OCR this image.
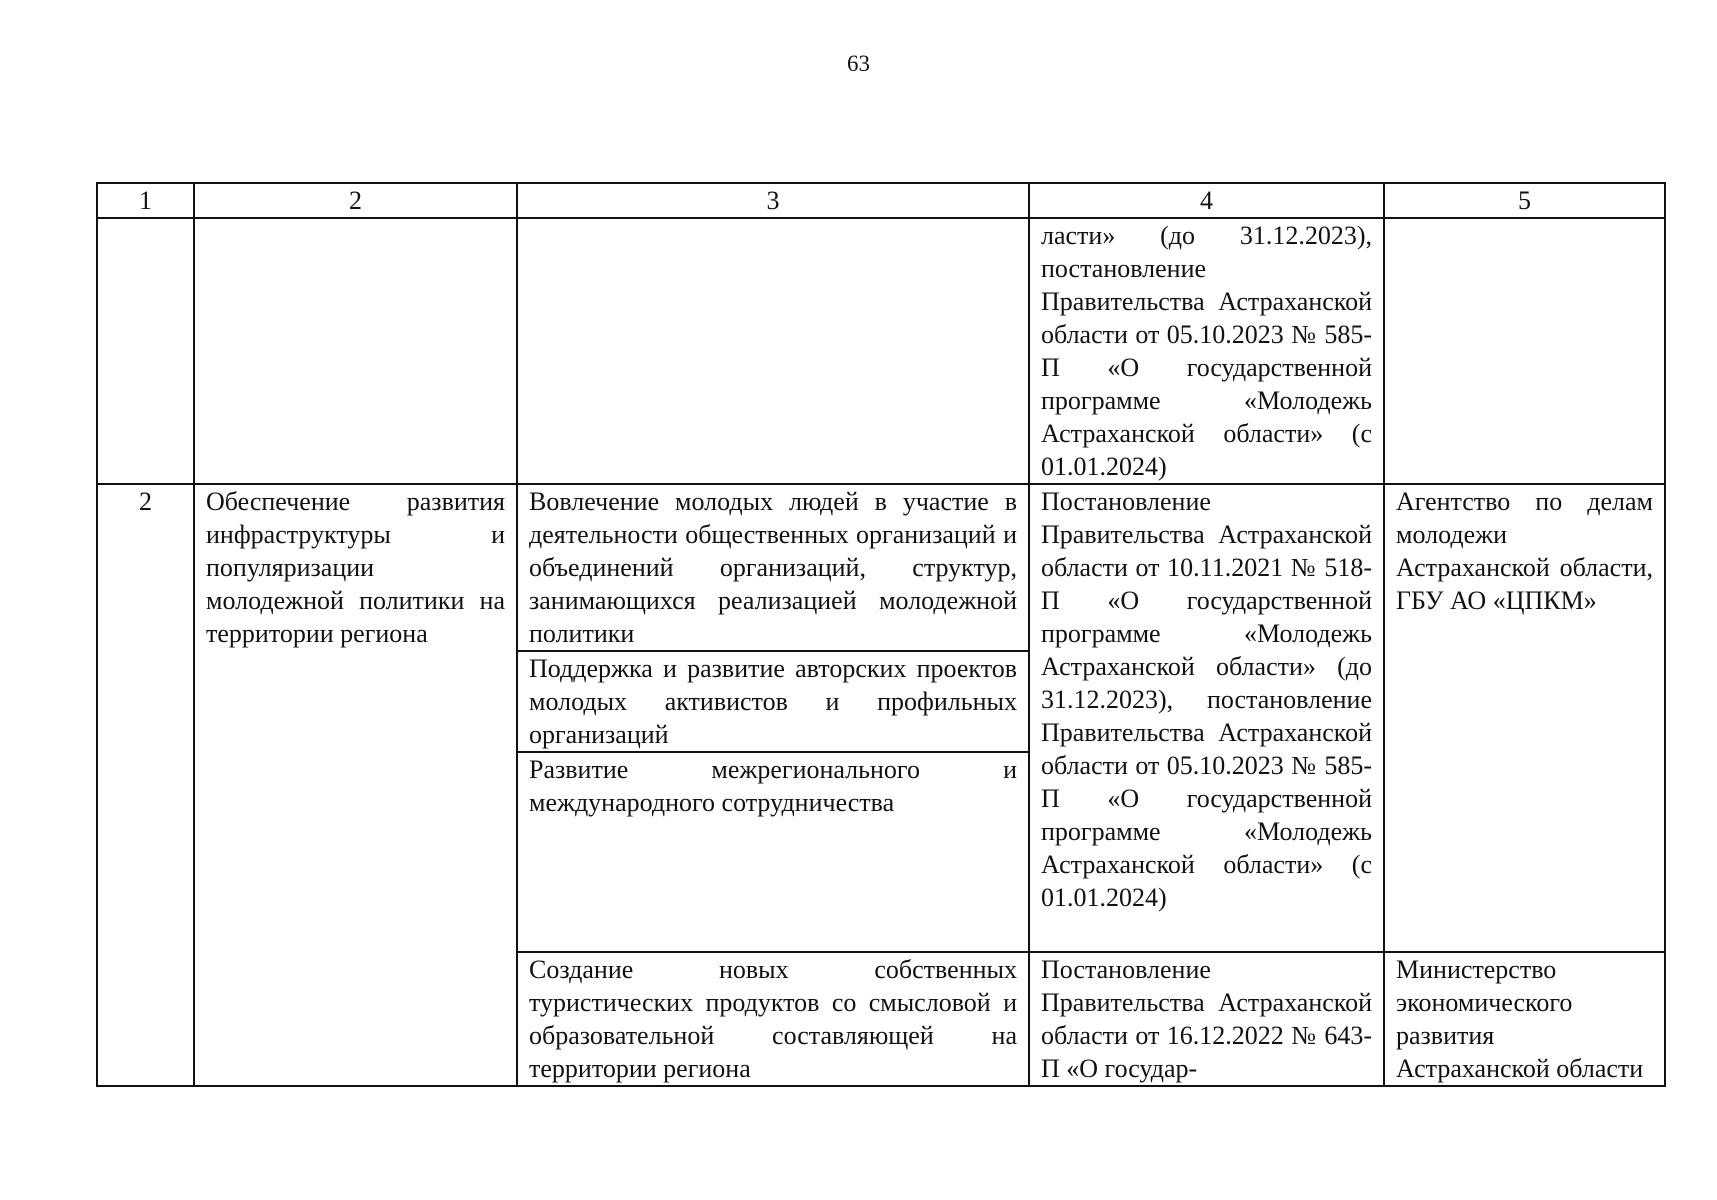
63
1	2	3	4	5
			ласти» (до 31.12.2023), постановление Правительства Астраханской области от 05.10.2023 № 585-П «О государственной программе «Молодежь Астраханской области» (с 01.01.2024)	
2	Обеспечение развития инфраструктуры и популяризации молодежной политики на территории региона	Вовлечение молодых людей в участие в деятельности общественных организаций и объединений организаций, структур, занимающихся реализацией молодежной политики	Постановление Правительства Астраханской области от 10.11.2021 № 518-П «О государственной программе «Молодежь Астраханской области» (до 31.12.2023), постановление Правительства Астраханской области от 05.10.2023 № 585-П «О государственной программе «Молодежь Астраханской области» (с 01.01.2024)	Агентство по делам молодежи Астраханской области, ГБУ АО «ЦПКМ»
		Поддержка и развитие авторских проектов молодых активистов и профильных организаций		
		Развитие межрегионального и международного сотрудничества		
		Создание новых собственных туристических продуктов со смысловой и образовательной составляющей на территории региона	Постановление Правительства Астраханской области от 16.12.2022 № 643-П «О государ-	Министерство экономического развития Астраханской области
